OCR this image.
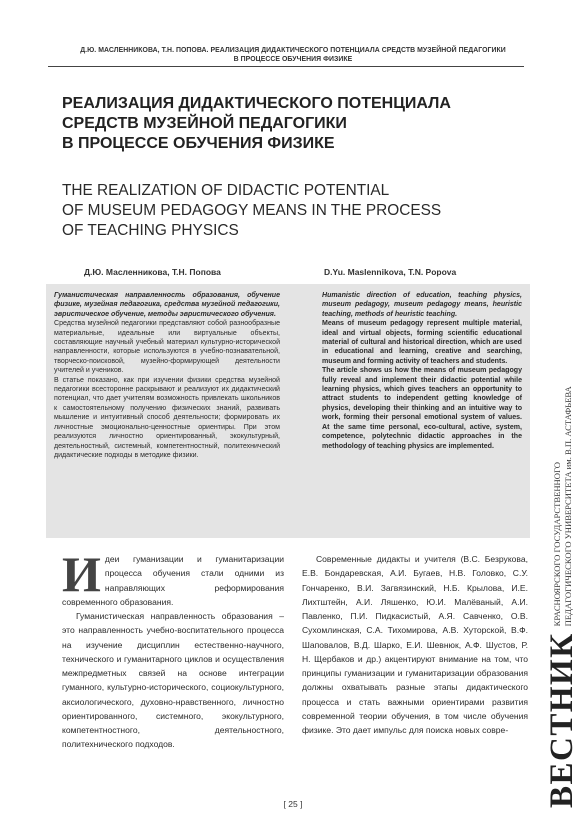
Д.Ю. МАСЛЕННИКОВА, Т.Н. ПОПОВА. РЕАЛИЗАЦИЯ ДИДАКТИЧЕСКОГО ПОТЕНЦИАЛА СРЕДСТВ МУЗЕЙНОЙ ПЕДАГОГИКИ
В ПРОЦЕССЕ ОБУЧЕНИЯ ФИЗИКЕ
РЕАЛИЗАЦИЯ ДИДАКТИЧЕСКОГО ПОТЕНЦИАЛА
СРЕДСТВ МУЗЕЙНОЙ ПЕДАГОГИКИ
В ПРОЦЕССЕ ОБУЧЕНИЯ ФИЗИКЕ
THE REALIZATION OF DIDACTIC POTENTIAL
OF MUSEUM PEDAGOGY MEANS IN THE PROCESS
OF TEACHING PHYSICS
Д.Ю. Масленникова, Т.Н. Попова	D.Yu. Maslennikova, T.N. Popova

Гуманистическая направленность образования, обучение физике, музейная педагогика, средства музейной педагогики, эвристическое обучение, методы эвристического обучения.

Средства музейной педагогики представляют собой разнообразные материальные, идеальные или виртуальные объекты, составляющие научный учебный материал культурно-исторической направленности, которые используются в учебно-познавательной, творческо-поисковой, музейно-формирующей деятельности учителей и учеников.

В статье показано, как при изучении физики средства музейной педагогики всесторонне раскрывают и реализуют их дидактический потенциал, что дает учителям возможность привлекать школьников к самостоятельному получению физических знаний, развивать мышление и интуитивный способ деятельности; формировать их личностные эмоционально-ценностные ориентиры. При этом реализуются личностно ориентированный, экокультурный, деятельностный, системный, компетентностный, политехнический дидактические подходы в методике физики.

Humanistic direction of education, teaching physics, museum pedagogy, museum pedagogy means, heuristic teaching, methods of heuristic teaching.

Means of museum pedagogy represent multiple material, ideal and virtual objects, forming scientific educational material of cultural and historical direction, which are used in educational and learning, creative and searching, museum and forming activity of teachers and students.

The article shows us how the means of museum pedagogy fully reveal and implement their didactic potential while learning physics, which gives teachers an opportunity to attract students to independent getting knowledge of physics, developing their thinking and an intuitive way to work, forming their personal emotional system of values. At the same time personal, eco-cultural, active, system, competence, polytechnic didactic approaches in the methodology of teaching physics are implemented.

Идеи гуманизации и гуманитаризации процесса обучения стали одними из направляющих реформирования современного образования.

Гуманистическая направленность образования – это направленность учебно-воспитательного процесса на изучение дисциплин естественно-научного, технического и гуманитарного циклов и осуществления межпредметных связей на основе интеграции гуманного, культурно-исторического, социокультурного, аксиологического, духовно-нравственного, личностно ориентированного, системного, экокультурного, компетентностного, деятельностного, политехнического подходов.

Современные дидакты и учителя (В.С. Безрукова, Е.В. Бондаревская, А.И. Бугаев, Н.В. Головко, С.У. Гончаренко, В.И. Загвязинский, Н.Б. Крылова, И.Е. Лихтштейн, А.И. Ляшенко, Ю.И. Малёваный, А.И. Павленко, П.И. Пидкасистый, А.Я. Савченко, О.В. Сухомлинская, С.А. Тихомирова, А.В. Хуторской, В.Ф. Шаповалов, В.Д. Шарко, Е.И. Шевнюк, А.Ф. Шустов, Р. Н. Щербаков и др.) акцентируют внимание на том, что принципы гуманизации и гуманитаризации образования должны охватывать разные этапы дидактического процесса и стать важными ориентирами развития современной теории обучения, в том числе обучения физике. Это дает импульс для поиска новых совре-

[ 25 ]	ВЕСТНИККРАСНОЯРСКОГО ГОСУДАРСТВЕННОГО
ПЕДАГОГИЧЕСКОГО УНИВЕРСИТЕТА им. В.П. АСТАФЬЕВА
